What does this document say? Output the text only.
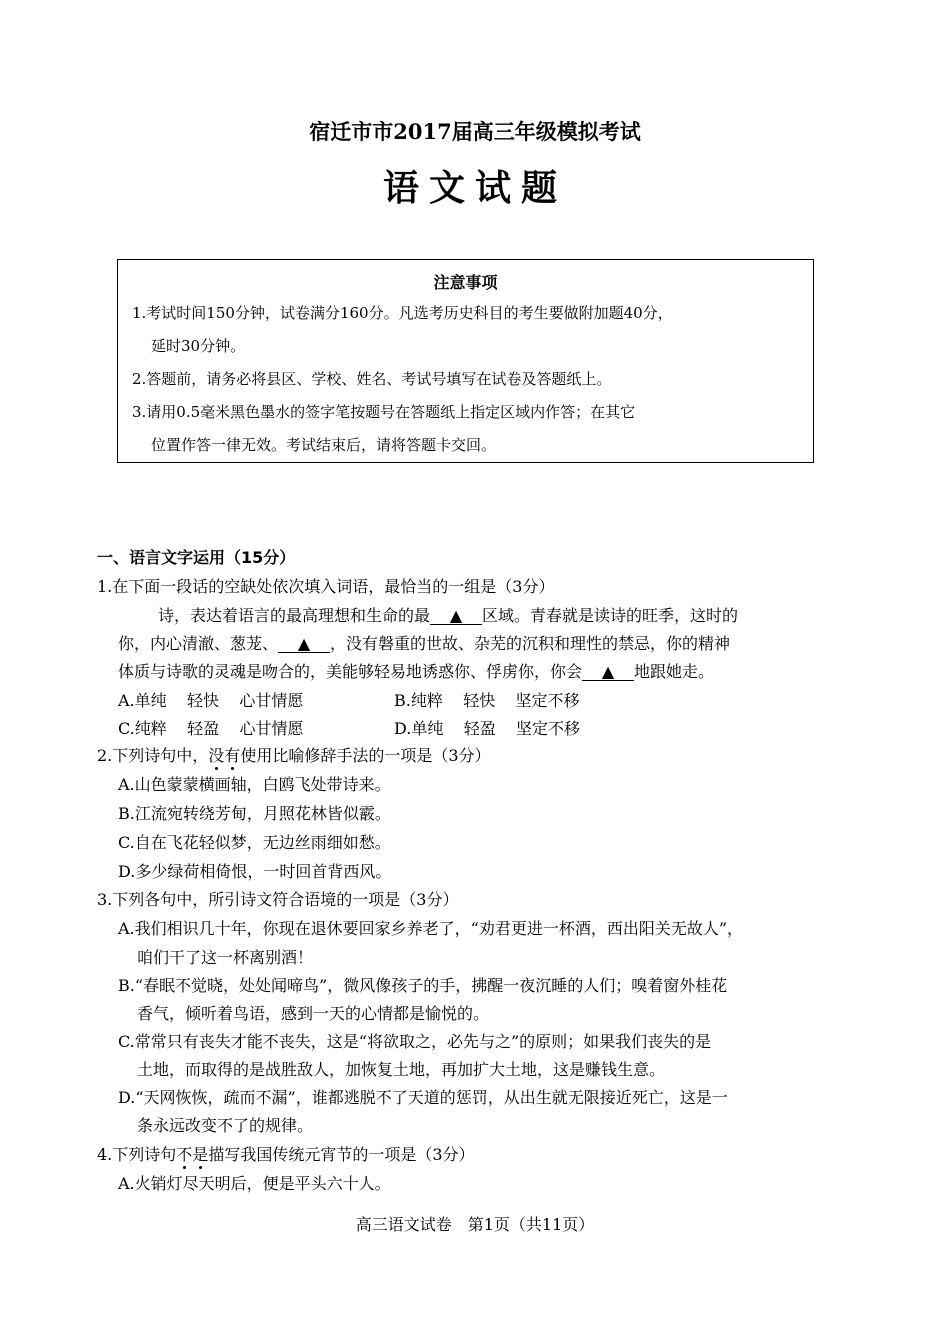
宿迁市市2017届高三年级模拟考试
语文试题
注意事项
1.考试时间150分钟，试卷满分160分。凡选考历史科目的考生要做附加题40分，
延时30分钟。
2.答题前，请务必将县区、学校、姓名、考试号填写在试卷及答题纸上。
3.请用0.5毫米黑色墨水的签字笔按题号在答题纸上指定区域内作答；在其它
位置作答一律无效。考试结束后，请将答题卡交回。
一、语言文字运用（15分）
1.在下面一段话的空缺处依次填入词语，最恰当的一组是（3分）
诗，表达着语言的最高理想和生命的最 ▲ 区域。青春就是读诗的旺季，这时的
你，内心清澈、葱茏、 ▲ ，没有磐重的世故、杂芜的沉积和理性的禁忌，你的精神
体质与诗歌的灵魂是吻合的，美能够轻易地诱惑你、俘虏你，你会 ▲ 地跟她走。
A.单纯    轻快    心甘情愿	B.纯粹    轻快    坚定不移
C.纯粹    轻盈    心甘情愿	D.单纯    轻盈    坚定不移
2.下列诗句中，没有使用比喻修辞手法的一项是（3分）
A.山色蒙蒙横画轴，白鸥飞处带诗来。
B.江流宛转绕芳甸，月照花林皆似霰。
C.自在飞花轻似梦，无边丝雨细如愁。
D.多少绿荷相倚恨，一时回首背西风。
3.下列各句中，所引诗文符合语境的一项是（3分）
A.我们相识几十年，你现在退休要回家乡养老了，“劝君更进一杯酒，西出阳关无故人”，
咱们干了这一杯离别酒！
B.“春眠不觉晓，处处闻啼鸟”，微风像孩子的手，拂醒一夜沉睡的人们；嗅着窗外桂花
香气，倾听着鸟语，感到一天的心情都是愉悦的。
C.常常只有丧失才能不丧失，这是“将欲取之，必先与之”的原则；如果我们丧失的是
土地，而取得的是战胜敌人，加恢复土地，再加扩大土地，这是赚钱生意。
D.“天网恢恢，疏而不漏”，谁都逃脱不了天道的惩罚，从出生就无限接近死亡，这是一
条永远改变不了的规律。
4.下列诗句不是描写我国传统元宵节的一项是（3分）
A.火销灯尽天明后，便是平头六十人。
高三语文试卷　第1页（共11页）
